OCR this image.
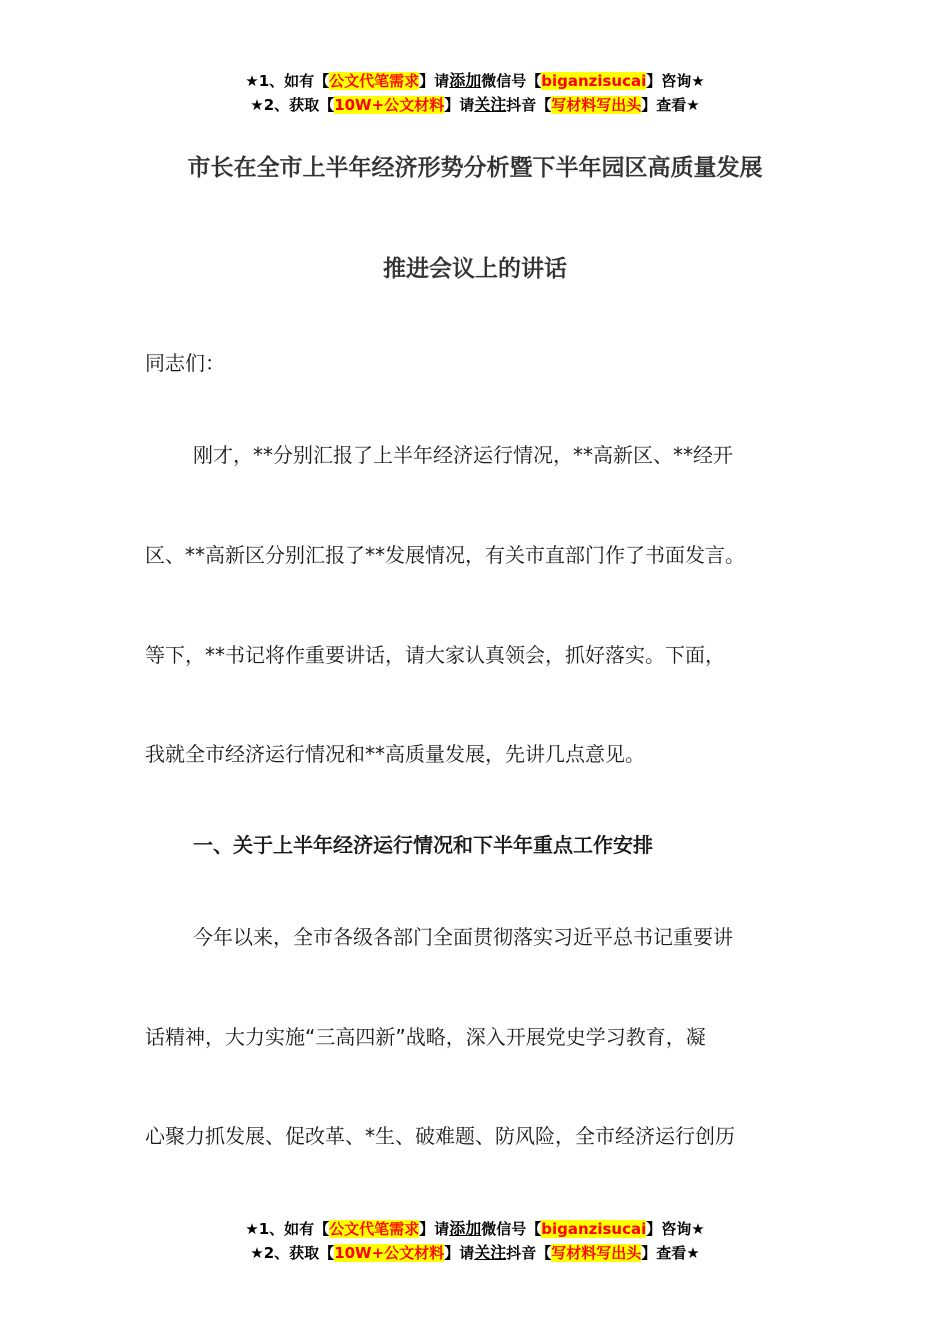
★1、如有【公文代笔需求】请添加微信号【biganzisucai】咨询★
★2、获取【10W+公文材料】请关注抖音【写材料写出头】查看★
市长在全市上半年经济形势分析暨下半年园区高质量发展
推进会议上的讲话
同志们：
刚才，**分别汇报了上半年经济运行情况，**高新区、**经开
区、**高新区分别汇报了**发展情况，有关市直部门作了书面发言。
等下，**书记将作重要讲话，请大家认真领会，抓好落实。下面，
我就全市经济运行情况和**高质量发展，先讲几点意见。
一、关于上半年经济运行情况和下半年重点工作安排
今年以来，全市各级各部门全面贯彻落实习近平总书记重要讲
话精神，大力实施“三高四新”战略，深入开展党史学习教育，凝
心聚力抓发展、促改革、*生、破难题、防风险，全市经济运行创历
★1、如有【公文代笔需求】请添加微信号【biganzisucai】咨询★
★2、获取【10W+公文材料】请关注抖音【写材料写出头】查看★
